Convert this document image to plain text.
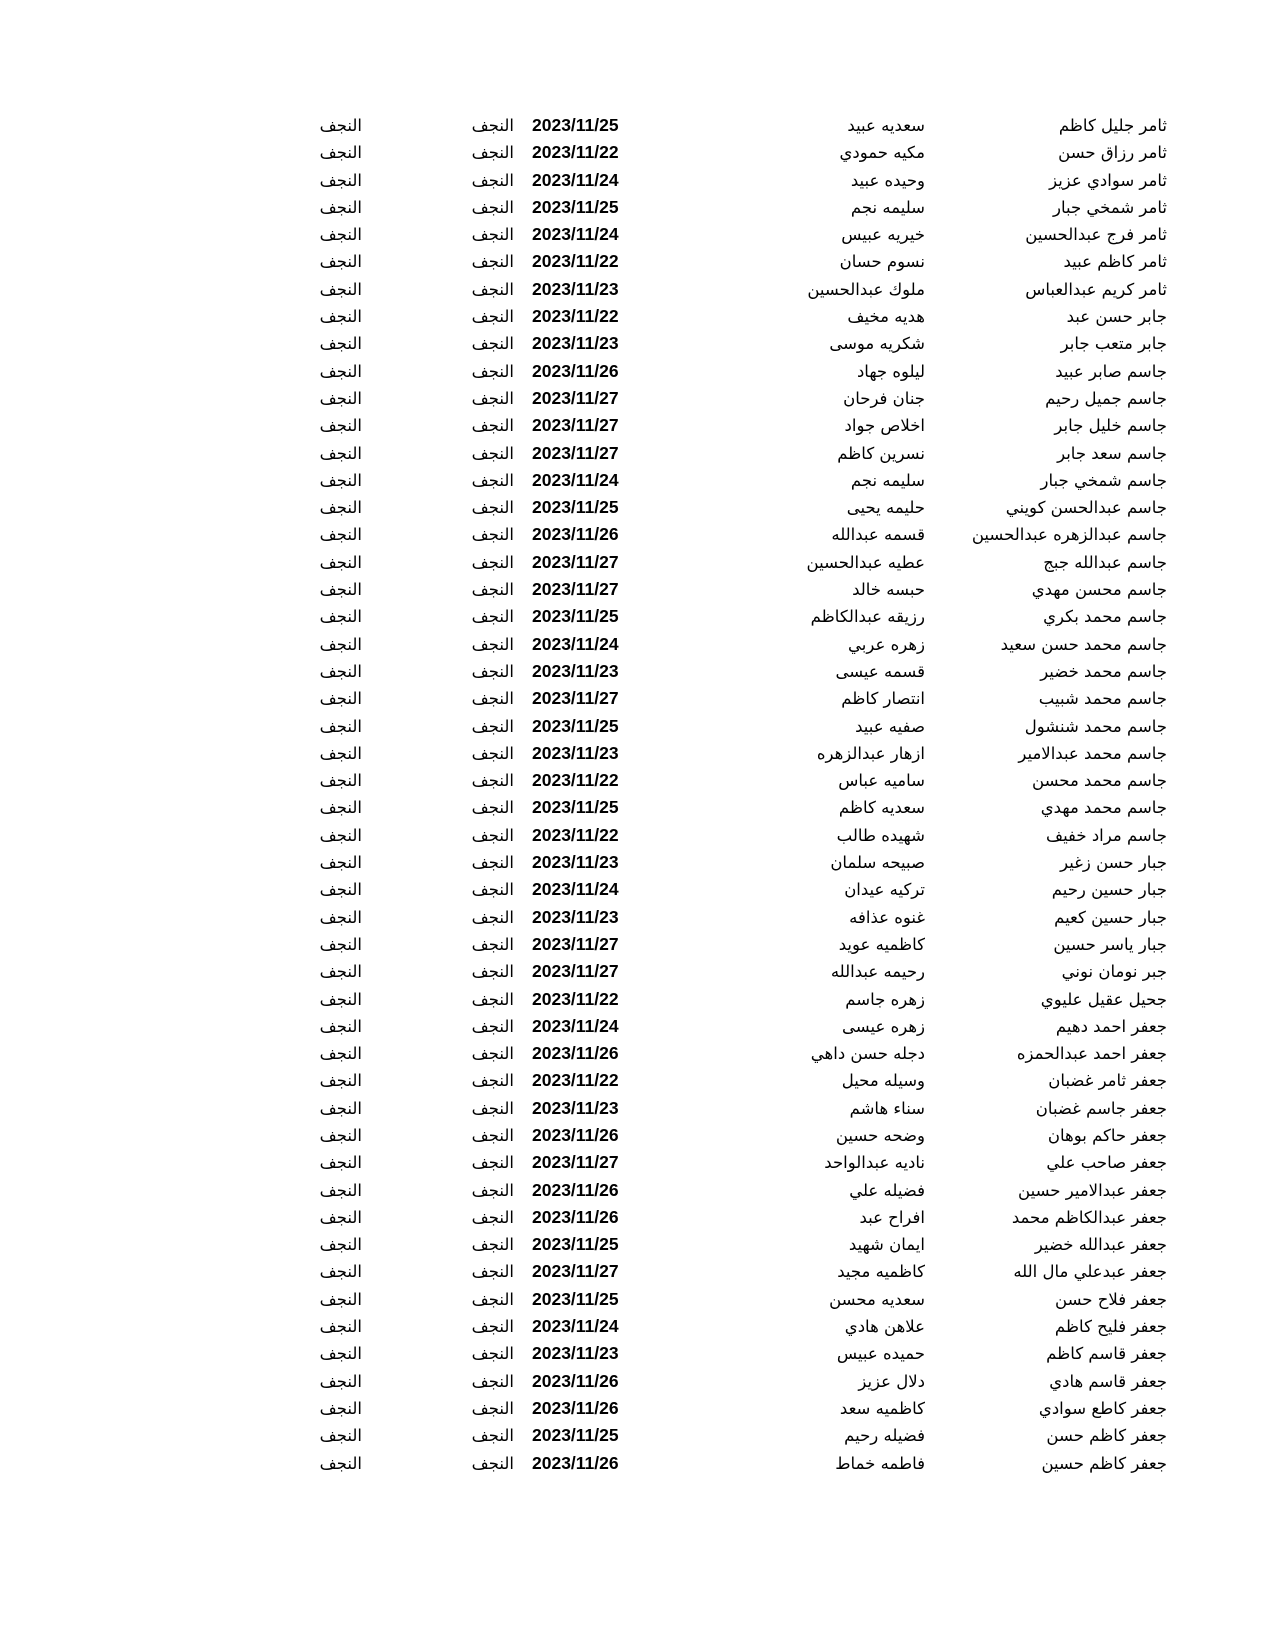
ثامر جليل كاظم
سعديه عبيد
2023/11/25
النجف
النجف
ثامر رزاق حسن
مكيه حمودي
2023/11/22
النجف
النجف
ثامر سوادي عزيز
وحيده عبيد
2023/11/24
النجف
النجف
ثامر شمخي جبار
سليمه نجم
2023/11/25
النجف
النجف
ثامر فرج عبدالحسين
خيريه عبيس
2023/11/24
النجف
النجف
ثامر كاظم عبيد
نسوم حسان
2023/11/22
النجف
النجف
ثامر كريم عبدالعباس
ملوك عبدالحسين
2023/11/23
النجف
النجف
جابر حسن عبد
هديه مخيف
2023/11/22
النجف
النجف
جابر متعب جابر
شكريه موسى
2023/11/23
النجف
النجف
جاسم صابر عبيد
ليلوه جهاد
2023/11/26
النجف
النجف
جاسم جميل رحيم
جنان فرحان
2023/11/27
النجف
النجف
جاسم خليل جابر
اخلاص جواد
2023/11/27
النجف
النجف
جاسم سعد جابر
نسرين كاظم
2023/11/27
النجف
النجف
جاسم شمخي جبار
سليمه نجم
2023/11/24
النجف
النجف
جاسم عبدالحسن كويني
حليمه يحيى
2023/11/25
النجف
النجف
جاسم عبدالزهره عبدالحسين
قسمه عبدالله
2023/11/26
النجف
النجف
جاسم عبدالله جبج
عطيه عبدالحسين
2023/11/27
النجف
النجف
جاسم محسن مهدي
حبسه خالد
2023/11/27
النجف
النجف
جاسم محمد بكري
رزيقه عبدالكاظم
2023/11/25
النجف
النجف
جاسم محمد حسن سعيد
زهره عربي
2023/11/24
النجف
النجف
جاسم محمد خضير
قسمه عيسى
2023/11/23
النجف
النجف
جاسم محمد شبيب
انتصار كاظم
2023/11/27
النجف
النجف
جاسم محمد شنشول
صفيه عبيد
2023/11/25
النجف
النجف
جاسم محمد عبدالامير
ازهار عبدالزهره
2023/11/23
النجف
النجف
جاسم محمد محسن
ساميه عباس
2023/11/22
النجف
النجف
جاسم محمد مهدي
سعديه كاظم
2023/11/25
النجف
النجف
جاسم مراد خفيف
شهيده طالب
2023/11/22
النجف
النجف
جبار حسن زغير
صبيحه سلمان
2023/11/23
النجف
النجف
جبار حسين رحيم
تركيه عيدان
2023/11/24
النجف
النجف
جبار حسين كعيم
غنوه عذافه
2023/11/23
النجف
النجف
جبار ياسر حسين
كاظميه عويد
2023/11/27
النجف
النجف
جبر نومان نوني
رحيمه عبدالله
2023/11/27
النجف
النجف
جحيل عقيل عليوي
زهره جاسم
2023/11/22
النجف
النجف
جعفر احمد دهيم
زهره عيسى
2023/11/24
النجف
النجف
جعفر احمد عبدالحمزه
دجله حسن داهي
2023/11/26
النجف
النجف
جعفر ثامر غضبان
وسيله محيل
2023/11/22
النجف
النجف
جعفر جاسم غضبان
سناء هاشم
2023/11/23
النجف
النجف
جعفر حاكم بوهان
وضحه حسين
2023/11/26
النجف
النجف
جعفر صاحب علي
ناديه عبدالواحد
2023/11/27
النجف
النجف
جعفر عبدالامير حسين
فضيله علي
2023/11/26
النجف
النجف
جعفر عبدالكاظم محمد
افراح عبد
2023/11/26
النجف
النجف
جعفر عبدالله خضير
ايمان شهيد
2023/11/25
النجف
النجف
جعفر عبدعلي مال الله
كاظميه مجيد
2023/11/27
النجف
النجف
جعفر فلاح حسن
سعديه محسن
2023/11/25
النجف
النجف
جعفر فليح كاظم
علاهن هادي
2023/11/24
النجف
النجف
جعفر قاسم كاظم
حميده عبيس
2023/11/23
النجف
النجف
جعفر قاسم هادي
دلال عزيز
2023/11/26
النجف
النجف
جعفر كاطع سوادي
كاظميه سعد
2023/11/26
النجف
النجف
جعفر كاظم حسن
فضيله رحيم
2023/11/25
النجف
النجف
جعفر كاظم حسين
فاطمه خماط
2023/11/26
النجف
النجف
